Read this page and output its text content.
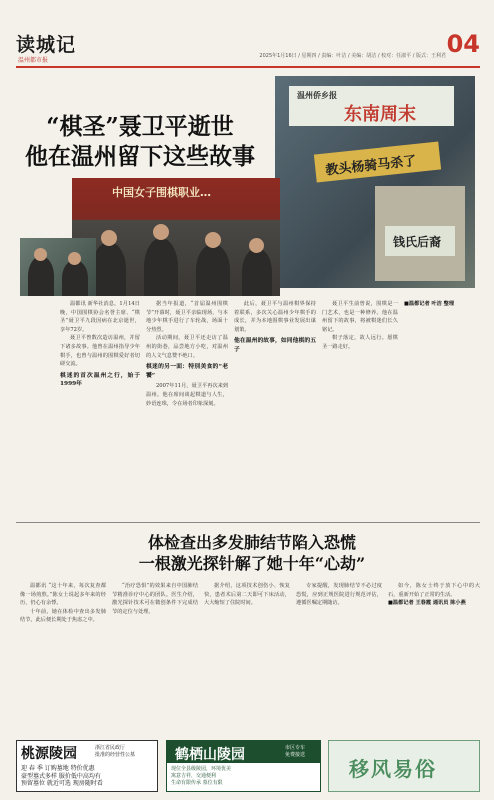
读城记
温州都市报
2025年1月16日 / 星期四 / 责编：叶洁 / 美编：胡洁 / 校对：任淑平 / 版式：王利君 04
“棋圣”聂卫平逝世
他在温州留下这些故事
温州侨乡报
东南周末
教头杨骑马杀了
钱氏后裔
中国女子围棋职业…

温都讯 新华社消息，1月14日晚，中国围棋协会名誉主席、“棋圣”聂卫平九段因病在北京逝世，享年72岁。

聂卫平曾数次造访温州，并留下诸多故事。他曾在温州指导少年棋手，也曾与温州的围棋爱好者切磋交流。

棋迷的首次温州之行，始于1999年

据当年报道，“首届温州围棋节”开幕时，聂卫平亲临现场，与本地少年棋手进行了车轮战，场面十分热烈。

活动期间，聂卫平还走访了温州的街巷，品尝地方小吃，对温州的人文气息赞不绝口。

棋迷的另一面：特别美食的“老饕”

2007年11月，聂卫平再次来到温州。他在席间谈起棋道与人生，妙语连珠，令在场者印象深刻。

此后，聂卫平与温州棋界保持着联系，多次关心温州少年棋手的成长，并为本地围棋事业发展出谋划策。

他在温州的故事，如同他棋的五子

聂卫平生前曾说，围棋是一门艺术，也是一种修养。他在温州留下的故事，将被棋迷们长久铭记。

棋子落定，故人远行。愿棋圣一路走好。

■温都记者 叶洁 整理

体检查出多发肺结节陷入恐慌
一根激光探针解了她十年“心劫”

温都讯 “这十年来，每次复查都像一场煎熬。”陈女士说起多年来的经历，仍心有余悸。

十年前，她在体检中查出多发肺结节，此后便长期处于焦虑之中。

“治疗恐惧”的效果来自中国肺结节精准诊疗中心的团队。医生介绍，激光探针技术可在微创条件下完成结节的定位与处理。

据介绍，这项技术创伤小、恢复快，患者术后第二天即可下床活动，大大缩短了住院时间。

专家提醒，发现肺结节不必过度恐慌，应到正规医院进行规范评估，遵循医嘱定期随访。

如今，陈女士终于放下心中的大石，重新开始了正常的生活。

■温都记者 王春霞 通讯员 陈小燕

桃源陵园	浙江省民政厅
批准的经营性公墓
迎 春 季 订购墓地 特价优惠
豪型墓式多样 服价低中高均有
预留墓位 就近可选 现房随时看
鹤栖山陵园	市区专车
免费接送
现位全县级陵园，环境优美
寓意吉祥，交通便利
生命有限传承 墓位有限
移风易俗
